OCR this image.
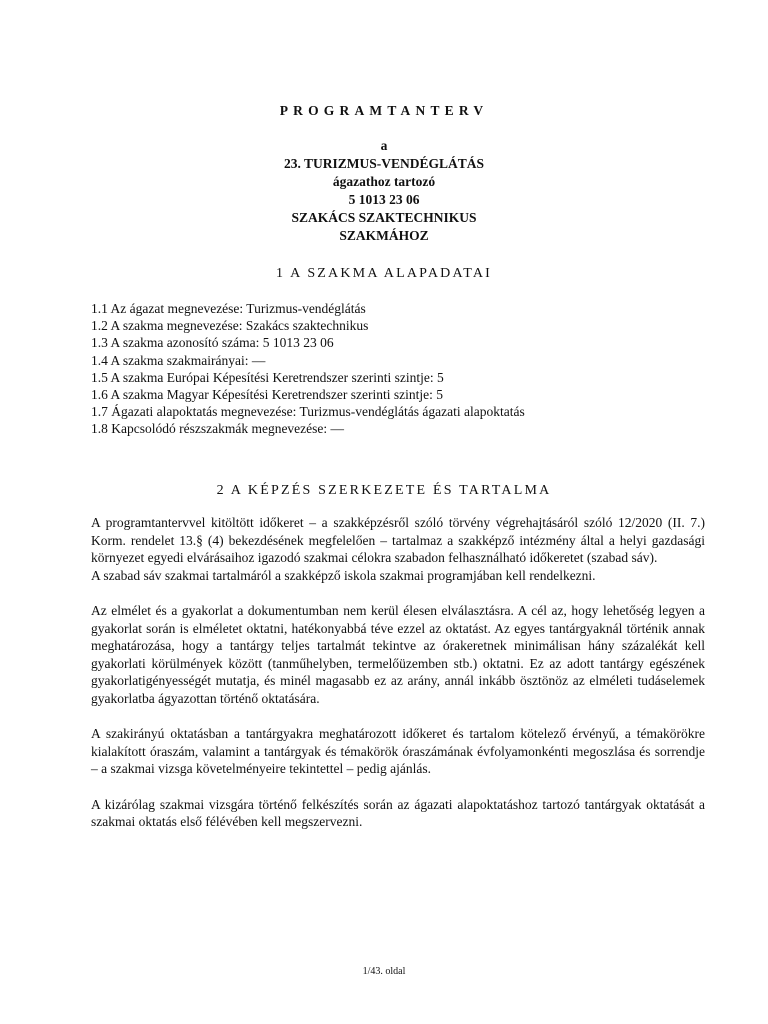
PROGRAMTANTERV
a
23. TURIZMUS-VENDÉGLÁTÁS
ágazathoz tartozó
5 1013 23 06
SZAKÁCS SZAKTECHNIKUS
SZAKMÁHOZ
1 A SZAKMA ALAPADATAI
1.1 Az ágazat megnevezése: Turizmus-vendéglátás
1.2 A szakma megnevezése: Szakács szaktechnikus
1.3 A szakma azonosító száma: 5 1013 23 06
1.4 A szakma szakmairányai: —
1.5 A szakma Európai Képesítési Keretrendszer szerinti szintje: 5
1.6 A szakma Magyar Képesítési Keretrendszer szerinti szintje: 5
1.7 Ágazati alapoktatás megnevezése: Turizmus-vendéglátás ágazati alapoktatás
1.8 Kapcsolódó részszakmák megnevezése: —
2 A KÉPZÉS SZERKEZETE ÉS TARTALMA

A programtantervvel kitöltött időkeret – a szakképzésről szóló törvény végrehajtásáról szóló 12/2020 (II. 7.) Korm. rendelet 13.§ (4) bekezdésének megfelelően – tartalmaz a szakképző intézmény által a helyi gazdasági környezet egyedi elvárásaihoz igazodó szakmai célokra szabadon felhasználható időkeretet (szabad sáv).

A szabad sáv szakmai tartalmáról a szakképző iskola szakmai programjában kell rendelkezni.

Az elmélet és a gyakorlat a dokumentumban nem kerül élesen elválasztásra. A cél az, hogy lehetőség legyen a gyakorlat során is elméletet oktatni, hatékonyabbá téve ezzel az oktatást. Az egyes tantárgyaknál történik annak meghatározása, hogy a tantárgy teljes tartalmát tekintve az órakeretnek minimálisan hány százalékát kell gyakorlati körülmények között (tanműhelyben, termelőüzemben stb.) oktatni. Ez az adott tantárgy egészének gyakorlatigényességét mutatja, és minél magasabb ez az arány, annál inkább ösztönöz az elméleti tudáselemek gyakorlatba ágyazottan történő oktatására.

A szakirányú oktatásban a tantárgyakra meghatározott időkeret és tartalom kötelező érvényű, a témakörökre kialakított óraszám, valamint a tantárgyak és témakörök óraszámának évfolyamonkénti megoszlása és sorrendje – a szakmai vizsga követelményeire tekintettel – pedig ajánlás.

A kizárólag szakmai vizsgára történő felkészítés során az ágazati alapoktatáshoz tartozó tantárgyak oktatását a szakmai oktatás első félévében kell megszervezni.

1/43. oldal
